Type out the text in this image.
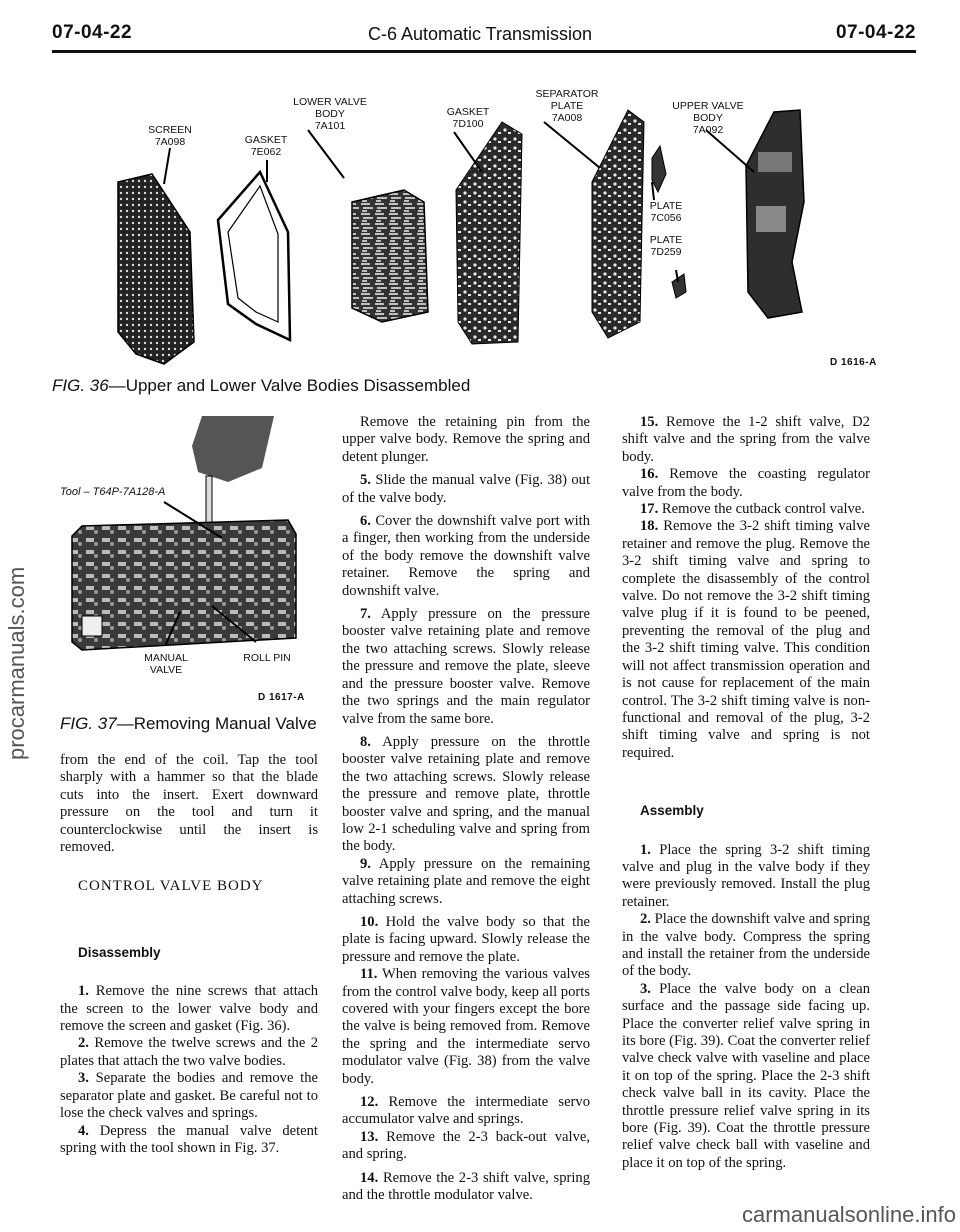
07-04-22	C-6 Automatic Transmission	07-04-22
SCREEN
7A098	GASKET
7E062
LOWER VALVE
BODY
7A101
GASKET
7D100
SEPARATOR
PLATE
7A008
UPPER VALVE
BODY
7A092
PLATE
7C056
PLATE
7D259
D 1616-A
FIG. 36—Upper and Lower Valve Bodies Disassembled
Tool – T64P-7A128-A
MANUAL
VALVE
ROLL PIN
D 1617-A
FIG. 37—Removing Manual Valve

from the end of the coil. Tap the tool sharply with a hammer so that the blade cuts into the insert. Exert downward pressure on the tool and turn it counterclockwise until the insert is removed.

CONTROL VALVE BODY
Disassembly

1. Remove the nine screws that attach the screen to the lower valve body and remove the screen and gasket (Fig. 36).

2. Remove the twelve screws and the 2 plates that attach the two valve bodies.

3. Separate the bodies and remove the separator plate and gasket. Be careful not to lose the check valves and springs.

4. Depress the manual valve detent spring with the tool shown in Fig. 37.

Remove the retaining pin from the upper valve body. Remove the spring and detent plunger.

5. Slide the manual valve (Fig. 38) out of the valve body.

6. Cover the downshift valve port with a finger, then working from the underside of the body remove the downshift valve retainer. Remove the spring and downshift valve.

7. Apply pressure on the pressure booster valve retaining plate and remove the two attaching screws. Slowly release the pressure and remove the plate, sleeve and the pressure booster valve. Remove the two springs and the main regulator valve from the same bore.

8. Apply pressure on the throttle booster valve retaining plate and remove the two attaching screws. Slowly release the pressure and remove plate, throttle booster valve and spring, and the manual low 2-1 scheduling valve and spring from the body.

9. Apply pressure on the remaining valve retaining plate and remove the eight attaching screws.

10. Hold the valve body so that the plate is facing upward. Slowly release the pressure and remove the plate.

11. When removing the various valves from the control valve body, keep all ports covered with your fingers except the bore the valve is being removed from. Remove the spring and the intermediate servo modulator valve (Fig. 38) from the valve body.

12. Remove the intermediate servo accumulator valve and springs.

13. Remove the 2-3 back-out valve, and spring.

14. Remove the 2-3 shift valve, spring and the throttle modulator valve.

15. Remove the 1-2 shift valve, D2 shift valve and the spring from the valve body.

16. Remove the coasting regulator valve from the body.

17. Remove the cutback control valve.

18. Remove the 3-2 shift timing valve retainer and remove the plug. Remove the 3-2 shift timing valve and spring to complete the disassembly of the control valve. Do not remove the 3-2 shift timing valve plug if it is found to be peened, preventing the removal of the plug and the 3-2 shift timing valve. This condition will not affect transmission operation and is not cause for replacement of the main control. The 3-2 shift timing valve is non-functional and removal of the plug, 3-2 shift timing valve and spring is not required.

Assembly

1. Place the spring 3-2 shift timing valve and plug in the valve body if they were previously removed. Install the plug retainer.

2. Place the downshift valve and spring in the valve body. Compress the spring and install the retainer from the underside of the body.

3. Place the valve body on a clean surface and the passage side facing up. Place the converter relief valve spring in its bore (Fig. 39). Coat the converter relief valve check valve with vaseline and place it on top of the spring. Place the 2-3 shift check valve ball in its cavity. Place the throttle pressure relief valve spring in its bore (Fig. 39). Coat the throttle pressure relief valve check ball with vaseline and place it on top of the spring.

procarmanuals.com
carmanualsonline.info
